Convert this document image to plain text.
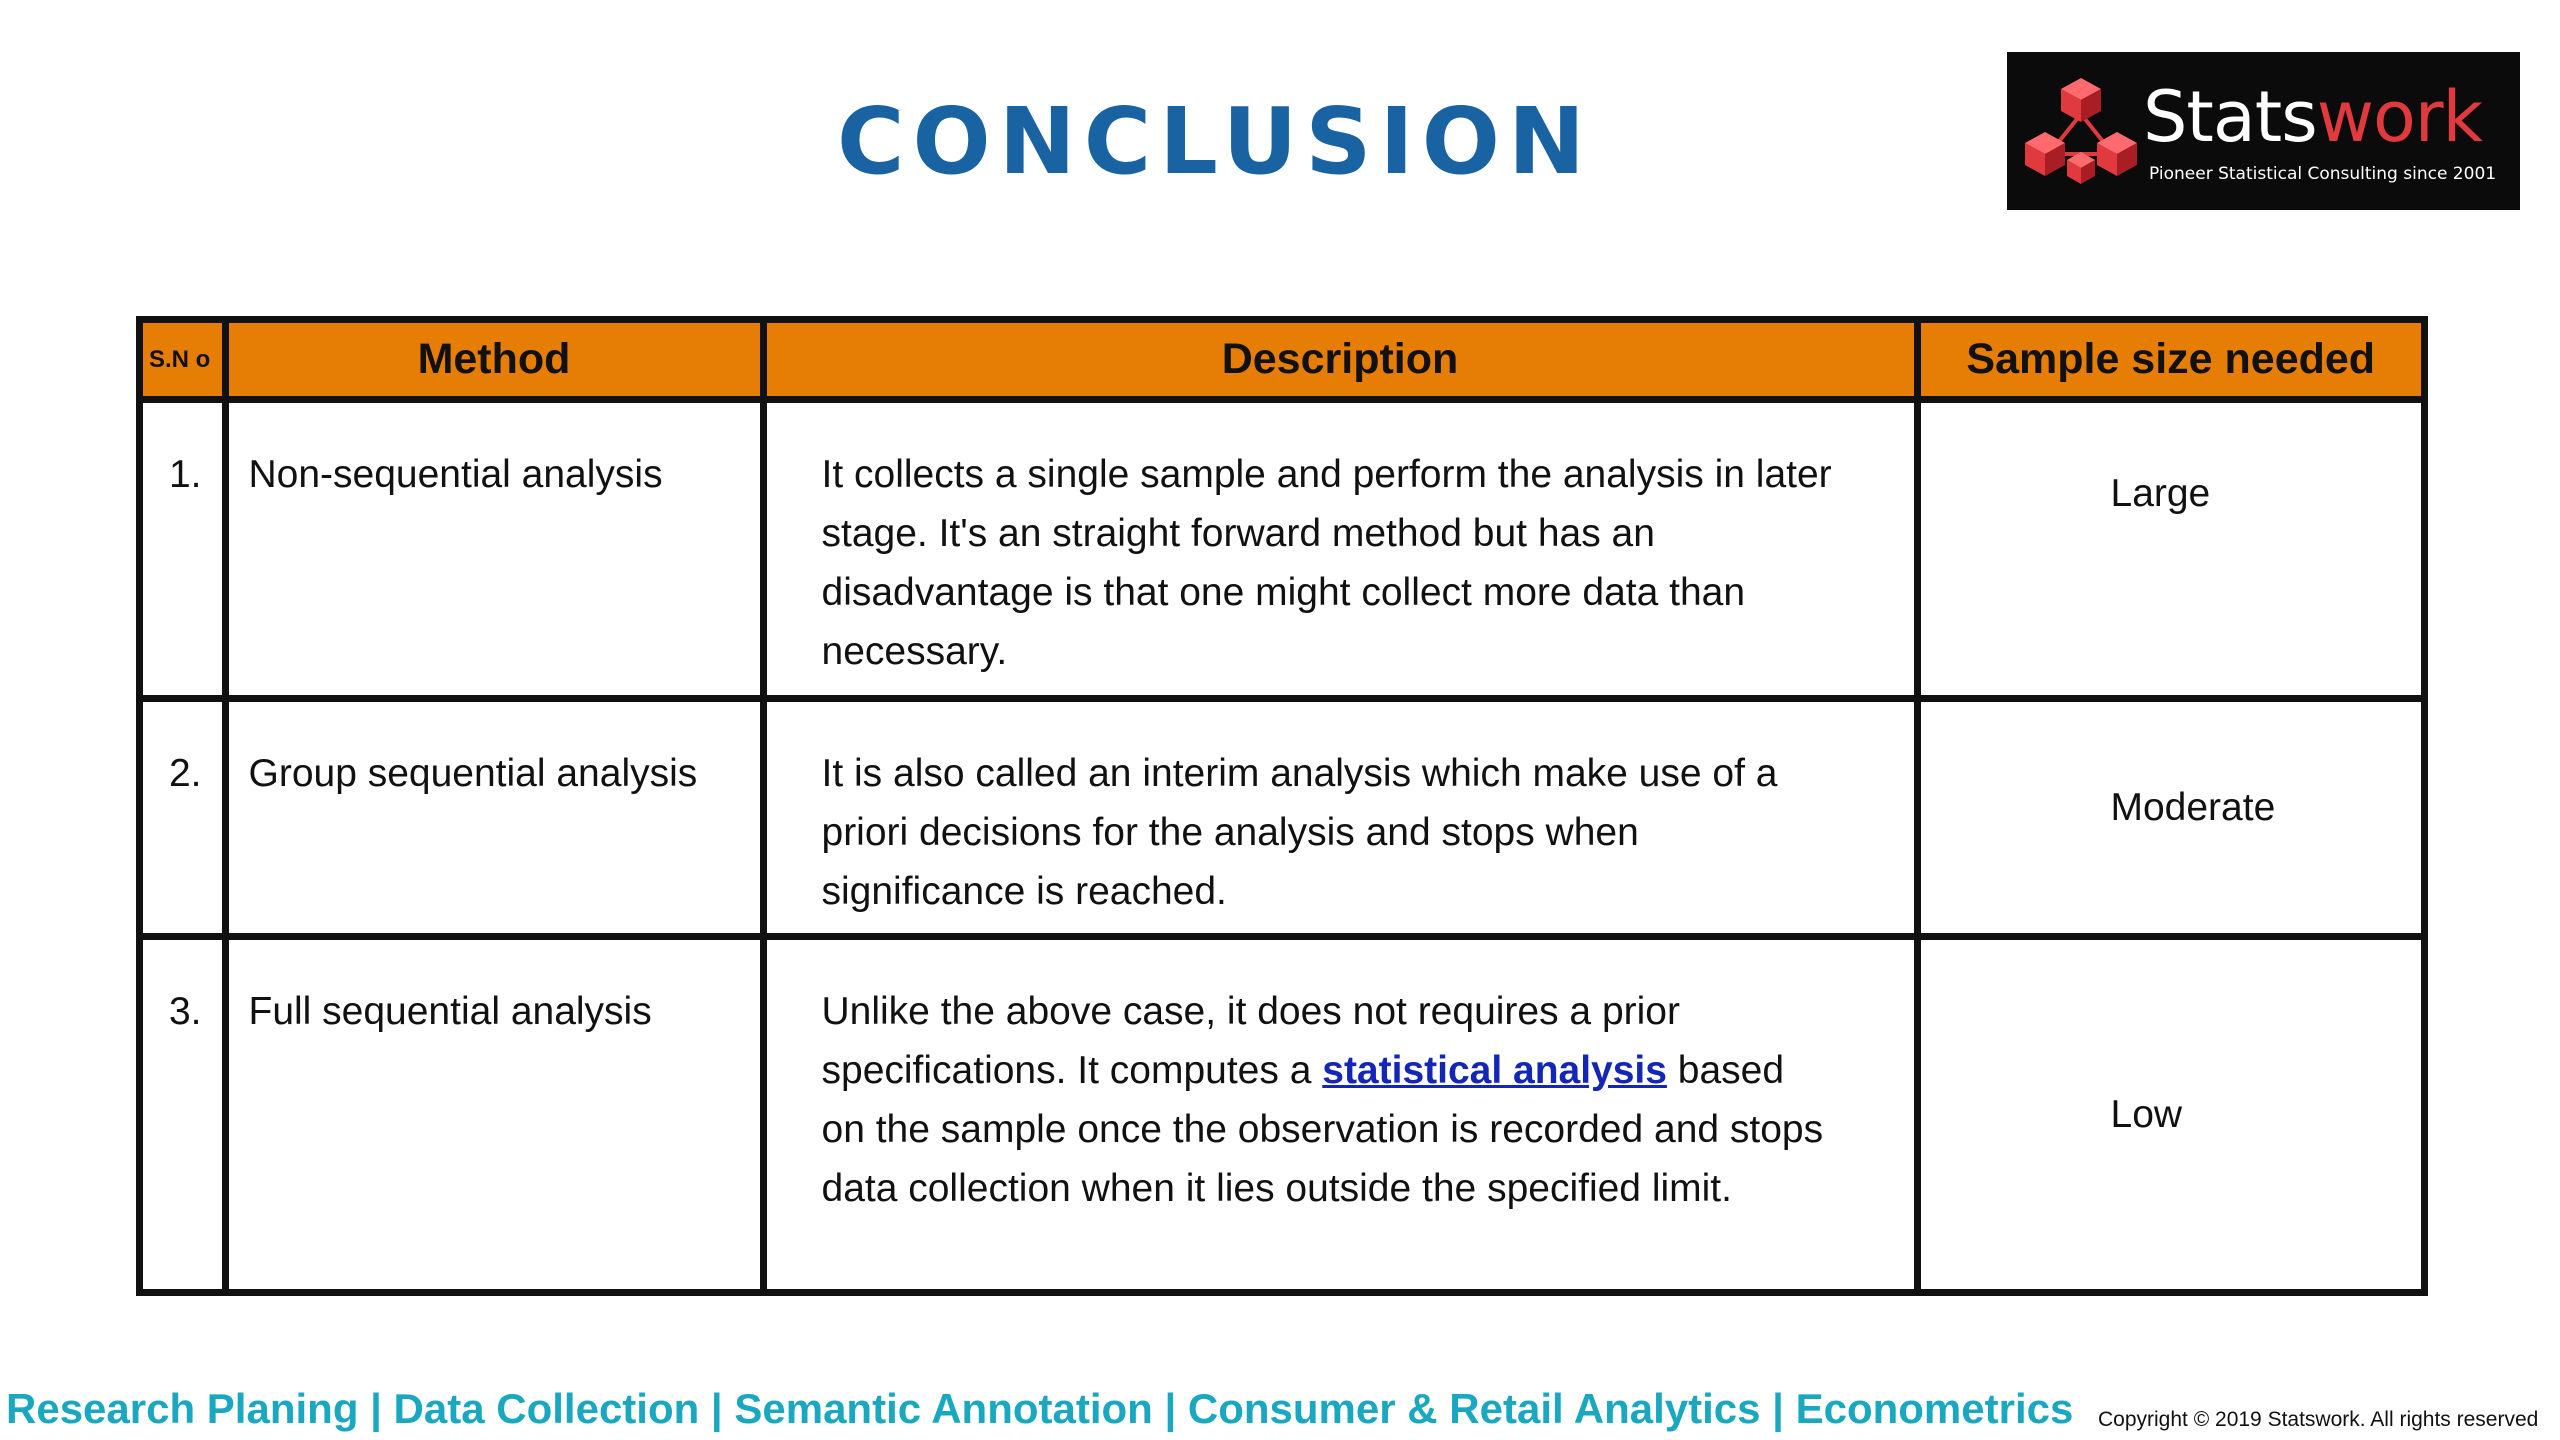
CONCLUSION	Statswork
Pioneer Statistical Consulting since 2001
S.N o	Method	Description	Sample size needed
1.	Non-sequential analysis	It collects a single sample and perform the analysis in later stage. It's an straight forward method but has an disadvantage is that one might collect more data than necessary.	Large
2.	Group sequential analysis	It is also called an interim analysis which make use of a priori decisions for the analysis and stops when significance is reached.	Moderate
3.	Full sequential analysis	Unlike the above case, it does not requires a prior specifications. It computes a statistical analysis based on the sample once the observation is recorded and stops data collection when it lies outside the specified limit.	Low
Research Planing | Data Collection | Semantic Annotation | Consumer & Retail Analytics | Econometrics Copyright © 2019 Statswork. All rights reserved
